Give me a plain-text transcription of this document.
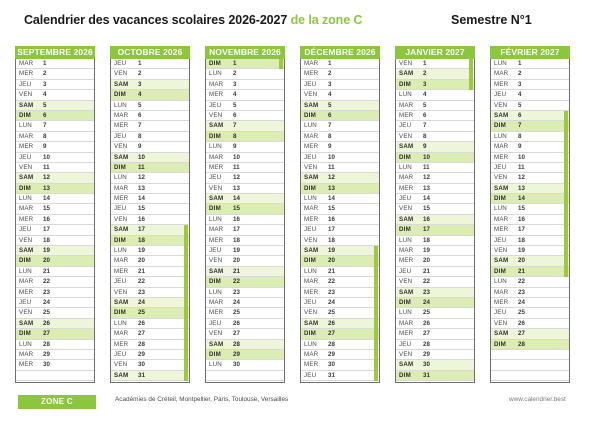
Calendrier des vacances scolaires 2026-2027 de la zone C	Semestre N°1
SEPTEMBRE 2026
MAR	1
MER	2
JEU	3
VEN	4
SAM	5
DIM	6
LUN	7
MAR	8
MER	9
JEU	10
VEN	11
SAM	12
DIM	13
LUN	14
MAR	15
MER	16
JEU	17
VEN	18
SAM	19
DIM	20
LUN	21
MAR	22
MER	23
JEU	24
VEN	25
SAM	26
DIM	27
LUN	28
MAR	29
MER	30
OCTOBRE 2026
JEU	1
VEN	2
SAM	3
DIM	4
LUN	5
MAR	6
MER	7
JEU	8
VEN	9
SAM	10
DIM	11
LUN	12
MAR	13
MER	14
JEU	15
VEN	16
SAM	17
DIM	18
LUN	19
MAR	20
MER	21
JEU	22
VEN	23
SAM	24
DIM	25
LUN	26
MAR	27
MER	28
JEU	29
VEN	30
SAM	31
NOVEMBRE 2026
DIM	1
LUN	2
MAR	3
MER	4
JEU	5
VEN	6
SAM	7
DIM	8
LUN	9
MAR	10
MER	11
JEU	12
VEN	13
SAM	14
DIM	15
LUN	16
MAR	17
MER	18
JEU	19
VEN	20
SAM	21
DIM	22
LUN	23
MAR	24
MER	25
JEU	26
VEN	27
SAM	28
DIM	29
LUN	30
DÉCEMBRE 2026
MAR	1
MER	2
JEU	3
VEN	4
SAM	5
DIM	6
LUN	7
MAR	8
MER	9
JEU	10
VEN	11
SAM	12
DIM	13
LUN	14
MAR	15
MER	16
JEU	17
VEN	18
SAM	19
DIM	20
LUN	21
MAR	22
MER	23
JEU	24
VEN	25
SAM	26
DIM	27
LUN	28
MAR	29
MER	30
JEU	31
JANVIER 2027
VEN	1
SAM	2
DIM	3
LUN	4
MAR	5
MER	6
JEU	7
VEN	8
SAM	9
DIM	10
LUN	11
MAR	12
MER	13
JEU	14
VEN	15
SAM	16
DIM	17
LUN	18
MAR	19
MER	20
JEU	21
VEN	22
SAM	23
DIM	24
LUN	25
MAR	26
MER	27
JEU	28
VEN	29
SAM	30
DIM	31
FÉVRIER 2027
LUN	1
MAR	2
MER	3
JEU	4
VEN	5
SAM	6
DIM	7
LUN	8
MAR	9
MER	10
JEU	11
VEN	12
SAM	13
DIM	14
LUN	15
MAR	16
MER	17
JEU	18
VEN	19
SAM	20
DIM	21
LUN	22
MAR	23
MER	24
JEU	25
VEN	26
SAM	27
DIM	28
ZONE C	Académies de Créteil, Montpellier, Paris, Toulouse, Versailles	www.calendrier.best
